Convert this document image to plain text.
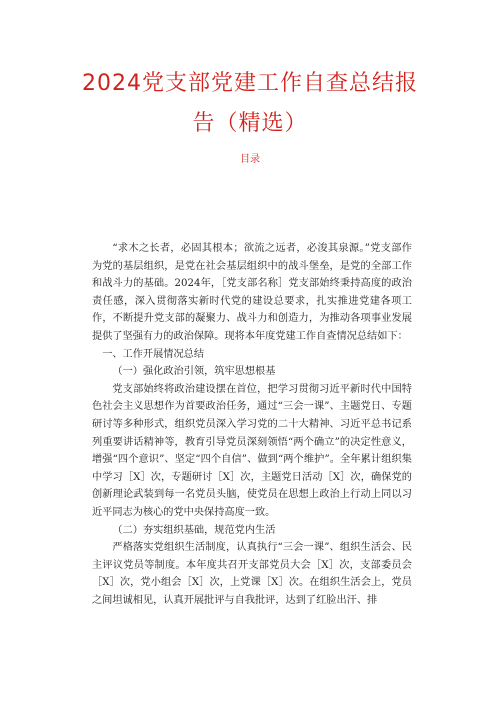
2024党支部党建工作自查总结报
告（精选）
目录

“求木之长者，必固其根本；欲流之远者，必浚其泉源。”党支部作为党的基层组织，是党在社会基层组织中的战斗堡垒，是党的全部工作和战斗力的基础。2024年，［党支部名称］党支部始终秉持高度的政治责任感，深入贯彻落实新时代党的建设总要求，扎实推进党建各项工作，不断提升党支部的凝聚力、战斗力和创造力，为推动各项事业发展提供了坚强有力的政治保障。现将本年度党建工作自查情况总结如下：

一、工作开展情况总结

（一）强化政治引领，筑牢思想根基

党支部始终将政治建设摆在首位，把学习贯彻习近平新时代中国特色社会主义思想作为首要政治任务，通过“三会一课”、主题党日、专题研讨等多种形式，组织党员深入学习党的二十大精神、习近平总书记系列重要讲话精神等，教育引导党员深刻领悟“两个确立”的决定性意义，增强“四个意识”、坚定“四个自信”、做到“两个维护”。全年累计组织集中学习［X］次，专题研讨［X］次，主题党日活动［X］次，确保党的创新理论武装到每一名党员头脑，使党员在思想上政治上行动上同以习近平同志为核心的党中央保持高度一致。

（二）夯实组织基础，规范党内生活

严格落实党组织生活制度，认真执行“三会一课”、组织生活会、民主评议党员等制度。本年度共召开支部党员大会［X］次，支部委员会［X］次，党小组会［X］次，上党课［X］次。在组织生活会上，党员之间坦诚相见，认真开展批评与自我批评，达到了红脸出汗、排
